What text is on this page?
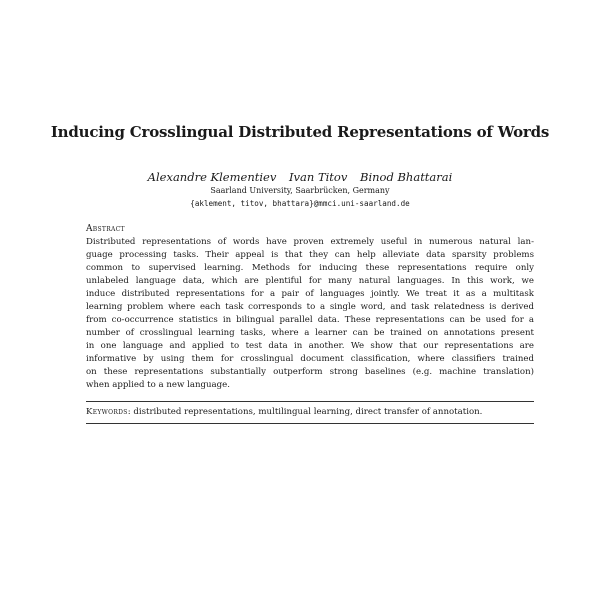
Inducing Crosslingual Distributed Representations of Words
Alexandre Klementiev Ivan Titov Binod Bhattarai
Saarland University, Saarbrücken, Germany
{aklement, titov, bhattara}@mmci.uni-saarland.de
Abstract
Distributed representations of words have proven extremely useful in numerous natural lan-
guage processing tasks. Their appeal is that they can help alleviate data sparsity problems
common to supervised learning. Methods for inducing these representations require only
unlabeled language data, which are plentiful for many natural languages. In this work, we
induce distributed representations for a pair of languages jointly. We treat it as a multitask
learning problem where each task corresponds to a single word, and task relatedness is derived
from co-occurrence statistics in bilingual parallel data. These representations can be used for a
number of crosslingual learning tasks, where a learner can be trained on annotations present
in one language and applied to test data in another. We show that our representations are
informative by using them for crosslingual document classification, where classifiers trained
on these representations substantially outperform strong baselines (e.g. machine translation)
when applied to a new language.
Keywords: distributed representations, multilingual learning, direct transfer of annotation.
